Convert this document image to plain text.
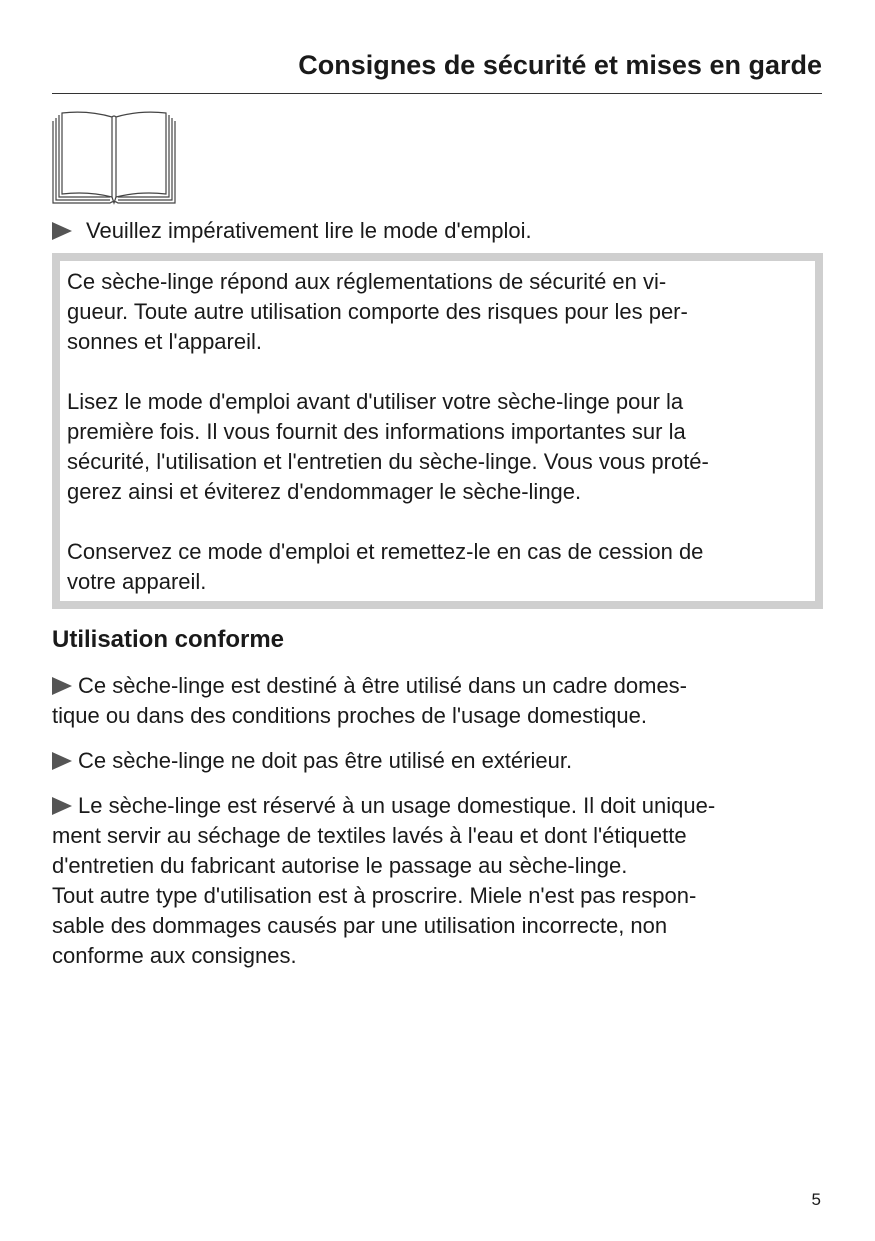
Consignes de sécurité et mises en garde
Veuillez impérativement lire le mode d'emploi.

Ce sèche-linge répond aux réglementations de sécurité en vi-
gueur. Toute autre utilisation comporte des risques pour les per-
sonnes et l'appareil.

Lisez le mode d'emploi avant d'utiliser votre sèche-linge pour la
première fois. Il vous fournit des informations importantes sur la
sécurité, l'utilisation et l'entretien du sèche-linge. Vous vous proté-
gerez ainsi et éviterez d'endommager le sèche-linge.

Conservez ce mode d'emploi et remettez-le en cas de cession de
votre appareil.

Utilisation conforme

Ce sèche-linge est destiné à être utilisé dans un cadre domes-
tique ou dans des conditions proches de l'usage domestique.

Ce sèche-linge ne doit pas être utilisé en extérieur.

Le sèche-linge est réservé à un usage domestique. Il doit unique-
ment servir au séchage de textiles lavés à l'eau et dont l'étiquette
d'entretien du fabricant autorise le passage au sèche-linge.
Tout autre type d'utilisation est à proscrire. Miele n'est pas respon-
sable des dommages causés par une utilisation incorrecte, non
conforme aux consignes.

5
